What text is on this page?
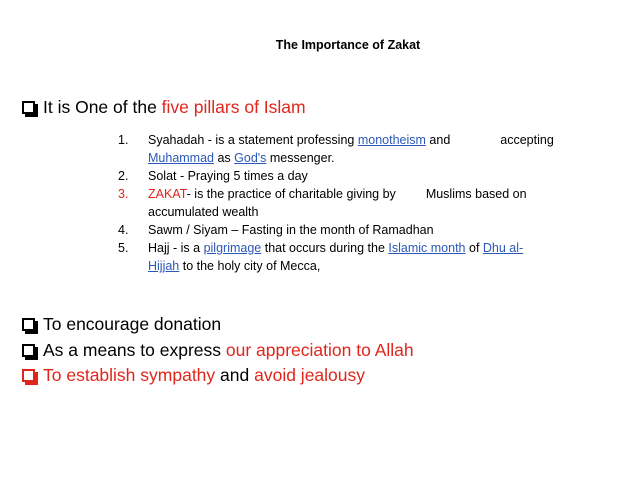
The Importance of Zakat
It is One of the five pillars of Islam
1.	Syahadah - is a statement professing monotheism and	accepting
Muhammad as God's messenger.
2.	Solat - Praying 5 times a day
3.	ZAKAT- is the practice of charitable giving by Muslims based on
accumulated wealth
4.	Sawm / Siyam – Fasting in the month of Ramadhan
5.	Hajj - is a pilgrimage that occurs during the Islamic month of Dhu al-
Hijjah to the holy city of Mecca,
To encourage donation
As a means to express our appreciation to Allah
To establish sympathy and avoid jealousy
